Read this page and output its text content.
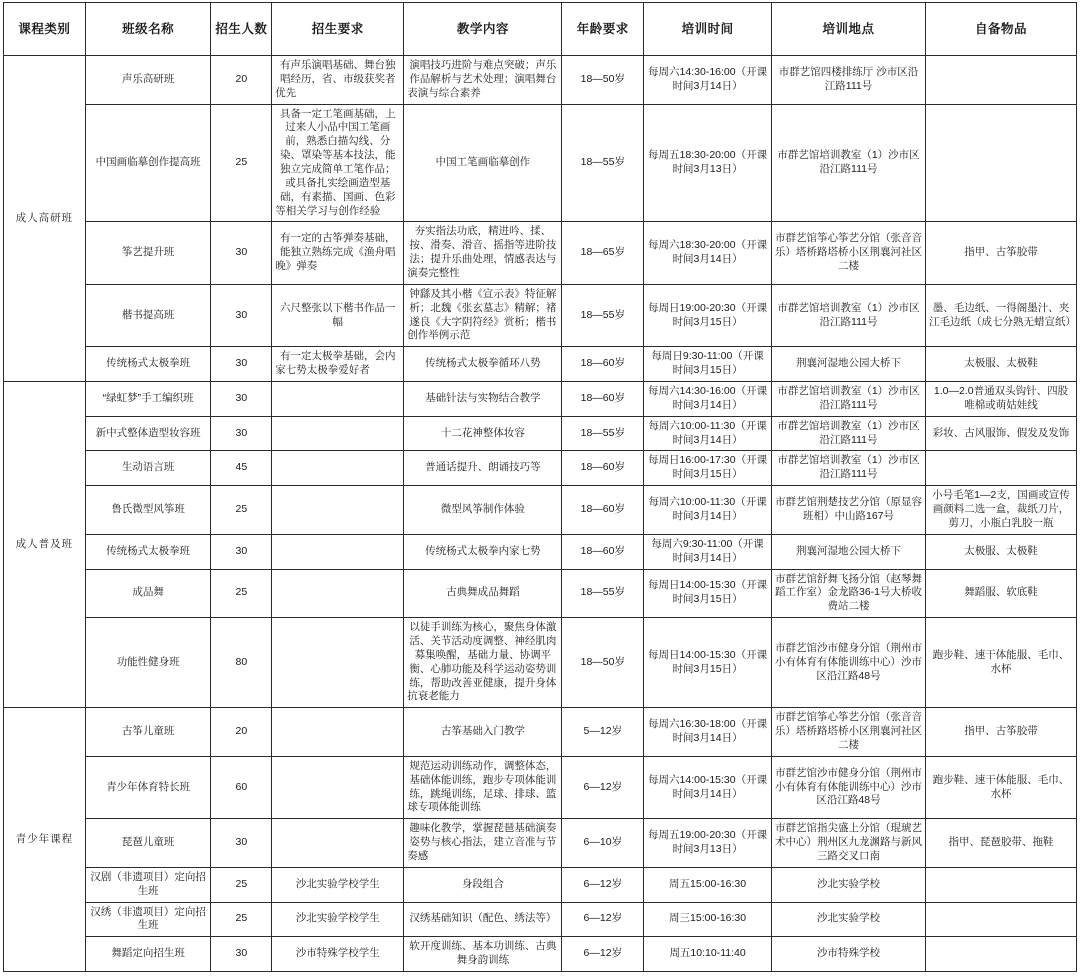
课程类别	班级名称	招生人数	招生要求	教学内容	年龄要求	培训时间	培训地点	自备物品
成人高研班	声乐高研班	20	有声乐演唱基础、舞台独唱经历，省、市级获奖者优先	演唱技巧进阶与难点突破；声乐作品解析与艺术处理；演唱舞台表演与综合素养	18—50岁	每周六14:30-16:00（开课时间3月14日）	市群艺馆四楼排练厅 沙市区沿江路111号	
	中国画临摹创作提高班	25	具备一定工笔画基础，上过来人小品中国工笔画前，熟悉白描勾线、分染、罩染等基本技法，能独立完成简单工笔作品；或具备扎实绘画造型基础，有素描、国画、色彩等相关学习与创作经验	中国工笔画临摹创作	18—55岁	每周五18:30-20:00（开课时间3月13日）	市群艺馆培训教室（1）沙市区沿江路111号	
	筝艺提升班	30	有一定的古筝弹奏基础，能独立熟练完成《渔舟唱晚》弹奏	夯实指法功底，精进吟、揉、按、滑奏、滑音、摇指等进阶技法；提升乐曲处理，情感表达与演奏完整性	18—65岁	每周六18:30-20:00（开课时间3月14日）	市群艺馆筝心筝艺分馆（张音音乐）塔桥路塔桥小区荆襄河社区二楼	指甲、古筝胶带
	楷书提高班	30	六尺整张以下楷书作品一幅	钟繇及其小楷《宣示表》特征解析；北魏《张玄墓志》精解；褚遂良《大字阴符经》赏析；楷书创作举例示范	18—55岁	每周日19:00-20:30（开课时间3月15日）	市群艺馆培训教室（1）沙市区沿江路111号	墨、毛边纸、一得阁墨汁、夹江毛边纸（成七分熟无蜡宣纸）
	传统杨式太极拳班	30	有一定太极拳基础，会内家七势太极拳爱好者	传统杨式太极拳循环八势	18—60岁	每周日9:30-11:00（开课时间3月15日）	荆襄河湿地公园大桥下	太极服、太极鞋
成人普及班	“绿虹梦”手工编织班	30		基础针法与实物结合教学	18—60岁	每周六14:30-16:00（开课时间3月14日）	市群艺馆培训教室（1）沙市区沿江路111号	1.0—2.0普通双头钩针、四股唯棉或萌姑娃线
	新中式整体造型妆容班	30		十二花神整体妆容	18—55岁	每周六10:00-11:30（开课时间3月14日）	市群艺馆培训教室（1）沙市区沿江路111号	彩妆、古风服饰、假发及发饰
	生动语言班	45		普通话提升、朗诵技巧等	18—60岁	每周日16:00-17:30（开课时间3月15日）	市群艺馆培训教室（1）沙市区沿江路111号	
	鲁氏微型风筝班	25		微型风筝制作体验	18—60岁	每周六10:00-11:30（开课时间3月14日）	市群艺馆荆楚技艺分馆（原显容班相）中山路167号	小号毛笔1—2支，国画或宣传画颜料二选一盒，裁纸刀片，剪刀，小瓶白乳胶一瓶
	传统杨式太极拳班	30		传统杨式太极拳内家七势	18—60岁	每周六9:30-11:00（开课时间3月14日）	荆襄河湿地公园大桥下	太极服、太极鞋
	成品舞	25		古典舞成品舞蹈	18—55岁	每周日14:00-15:30（开课时间3月15日）	市群艺馆舒舞飞扬分馆（赵琴舞蹈工作室）金龙路36-1号大桥收费站二楼	舞蹈服、软底鞋
	功能性健身班	80		以徒手训练为核心，聚焦身体激活、关节活动度调整、神经肌肉募集唤醒，基础力量、协调平衡、心肺功能及科学运动姿势训练，帮助改善亚健康，提升身体抗衰老能力	18—50岁	每周日14:00-15:30（开课时间3月15日）	市群艺馆沙市健身分馆（荆州市小有体育有体能训练中心）沙市区沿江路48号	跑步鞋、速干体能服、毛巾、水杯
青少年课程	古筝儿童班	20		古筝基础入门教学	5—12岁	每周六16:30-18:00（开课时间3月14日）	市群艺馆筝心筝艺分馆（张音音乐）塔桥路塔桥小区荆襄河社区二楼	指甲、古筝胶带
	青少年体育特长班	60		规范运动训练动作，调整体态，基础体能训练，跑步专项体能训练，跳绳训练，足球、排球、篮球专项体能训练	6—12岁	每周六14:00-15:30（开课时间3月14日）	市群艺馆沙市健身分馆（荆州市小有体育有体能训练中心）沙市区沿江路48号	跑步鞋、速干体能服、毛巾、水杯
	琵琶儿童班	30		趣味化教学，掌握琵琶基础演奏姿势与核心指法，建立音准与节奏感	6—10岁	每周五19:00-20:30（开课时间3月13日）	市群艺馆指尖盛上分馆（琨琥艺术中心）荆州区九龙渊路与新风三路交叉口南	指甲、琵琶胶带、拖鞋
	汉剧（非遗项目）定向招生班	25	沙北实验学校学生	身段组合	6—12岁	周五15:00-16:30	沙北实验学校	
	汉绣（非遗项目）定向招生班	25	沙北实验学校学生	汉绣基础知识（配色、绣法等）	6—12岁	周三15:00-16:30	沙北实验学校	
	舞蹈定向招生班	30	沙市特殊学校学生	软开度训练、基本功训练、古典舞身韵训练	6—12岁	周五10:10-11:40	沙市特殊学校	
